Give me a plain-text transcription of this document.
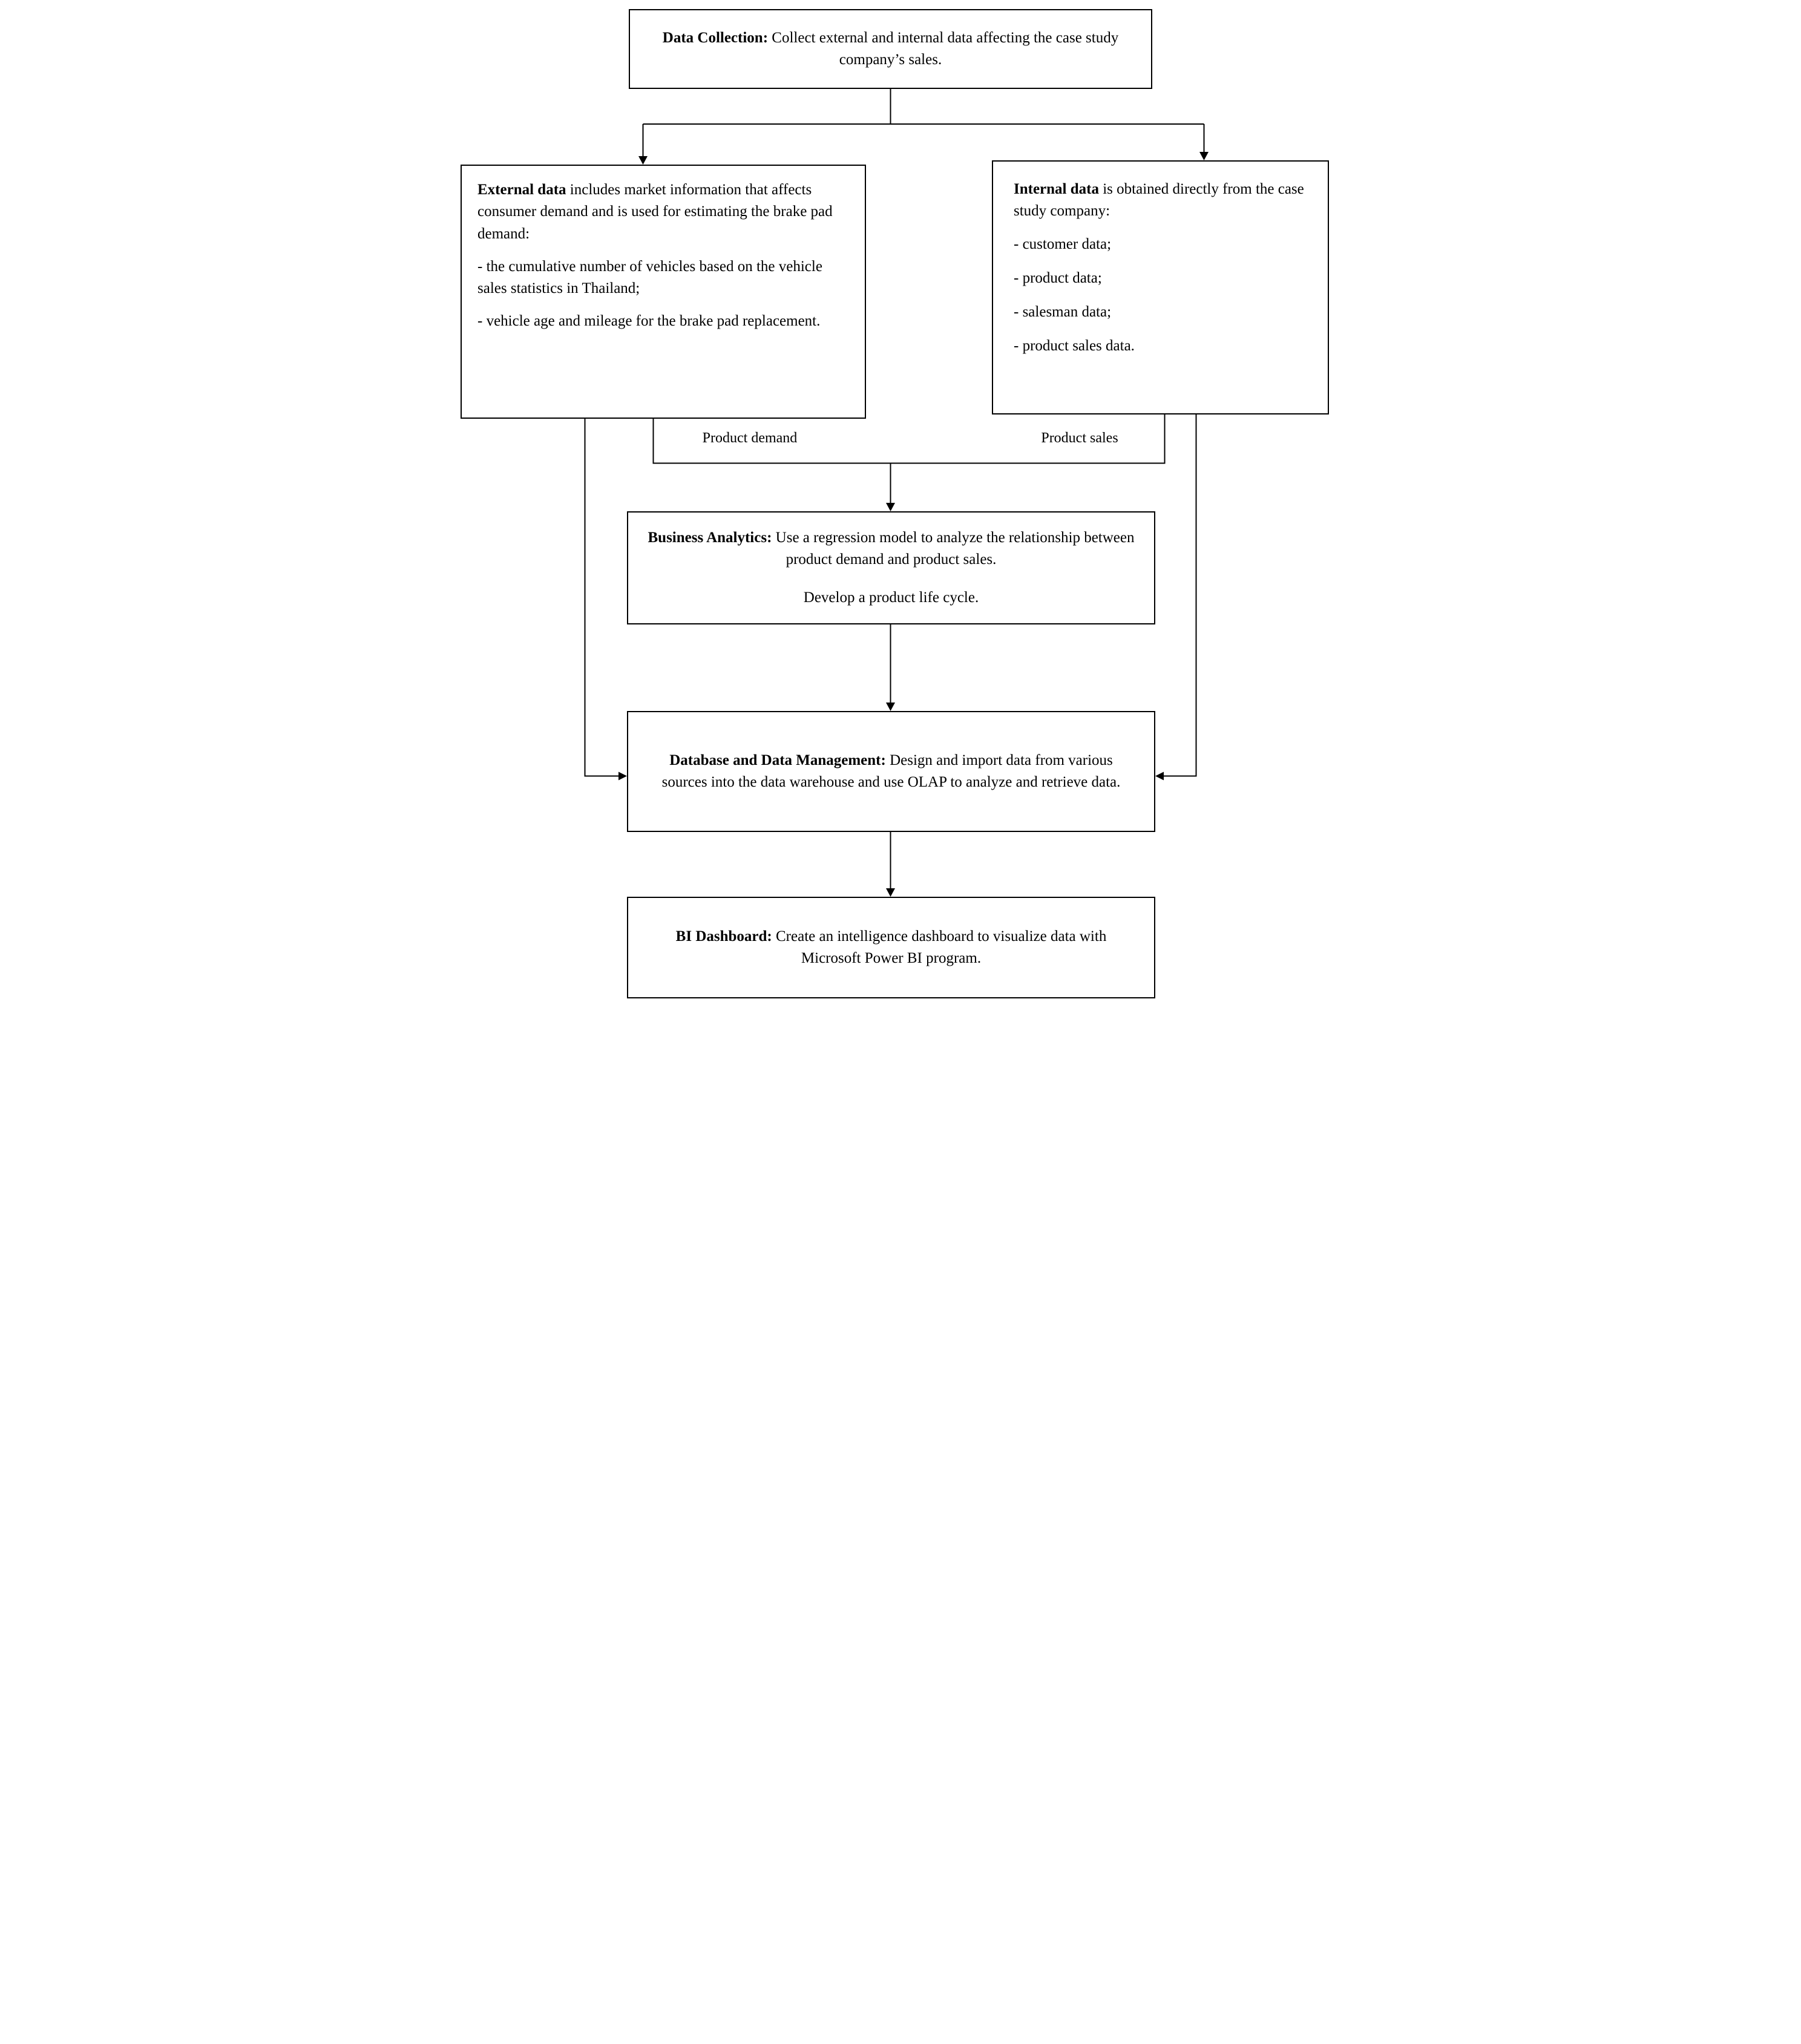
Data Collection: Collect external and internal data affecting the case study company’s sales.

External data includes market information that affects consumer demand and is used for estimating the brake pad demand:

- the cumulative number of vehicles based on the vehicle sales statistics in Thailand;

- vehicle age and mileage for the brake pad replacement.

Internal data is obtained directly from the case study company:

- customer data;

- product data;

- salesman data;

- product sales data.

Product demand	Product sales

Business Analytics: Use a regression model to analyze the relationship between product demand and product sales.

Develop a product life cycle.

Database and Data Management: Design and import data from various sources into the data warehouse and use OLAP to analyze and retrieve data.

BI Dashboard: Create an intelligence dashboard to visualize data with Microsoft Power BI program.
